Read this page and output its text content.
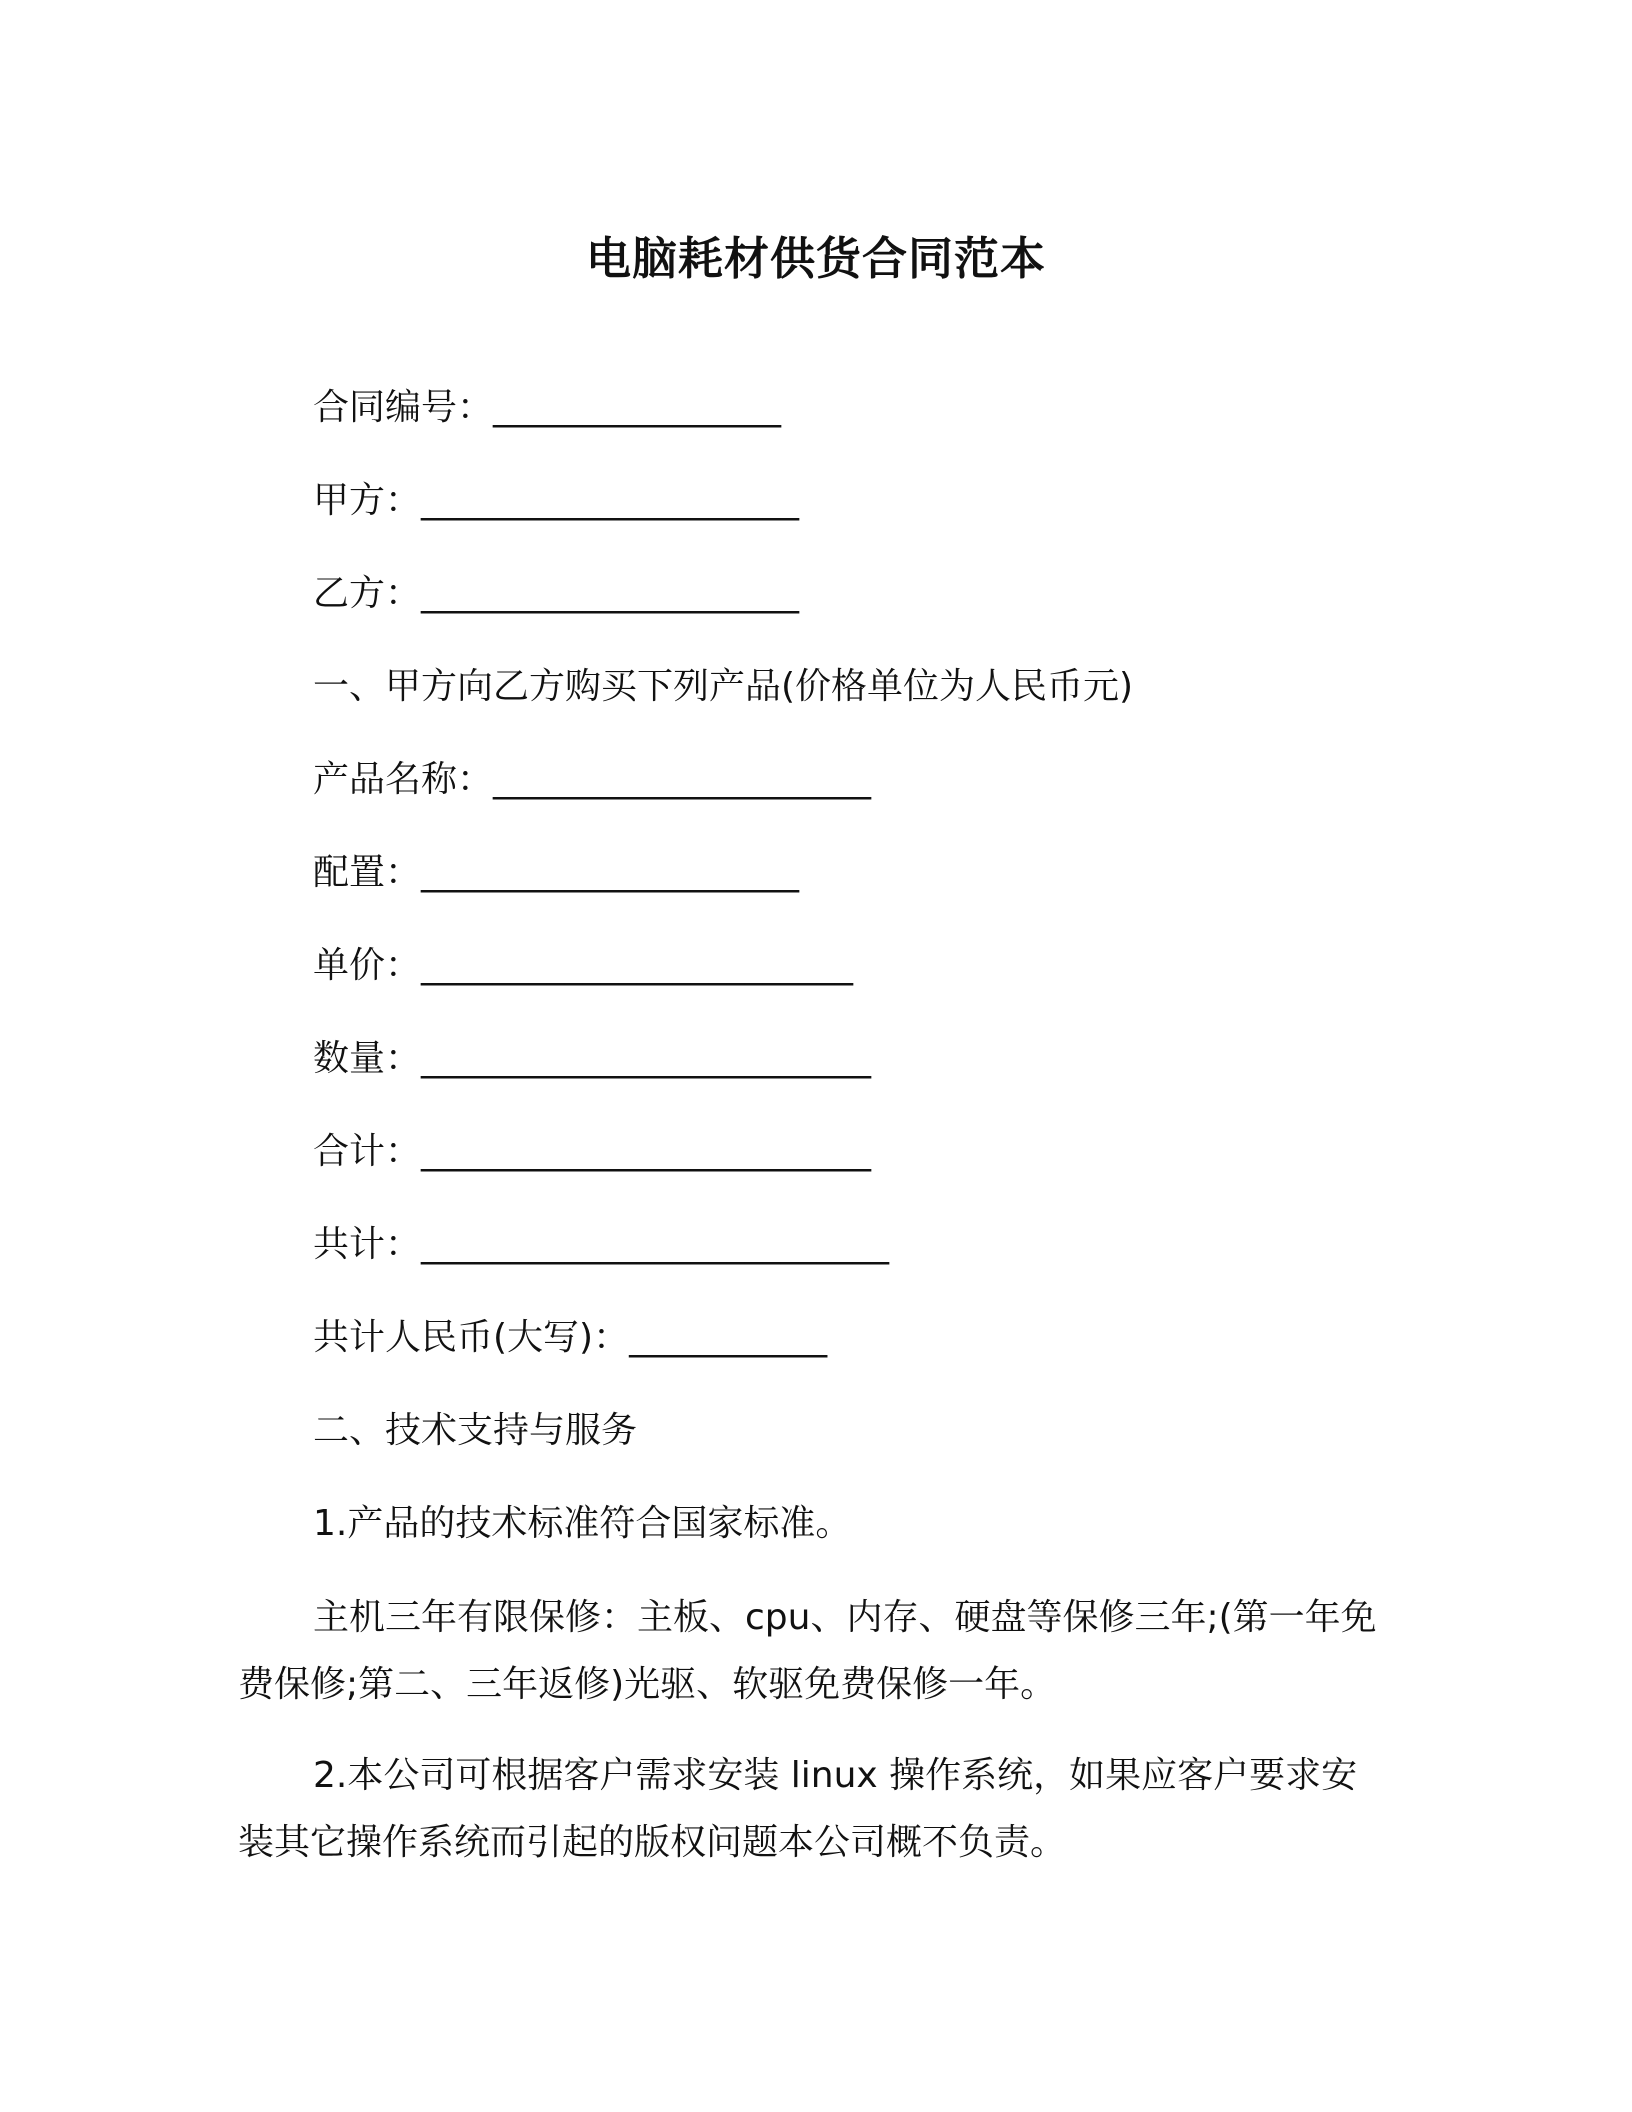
电脑耗材供货合同范本
合同编号：________________
甲方：_____________________
乙方：_____________________
一、甲方向乙方购买下列产品(价格单位为人民币元)
产品名称：_____________________
配置：_____________________
单价：________________________
数量：_________________________
合计：_________________________
共计：__________________________
共计人民币(大写)：___________
二、技术支持与服务
1.产品的技术标准符合国家标准。
主机三年有限保修：主板、cpu、内存、硬盘等保修三年;(第一年免费保修;第二、三年返修)光驱、软驱免费保修一年。
2.本公司可根据客户需求安装 linux 操作系统，如果应客户要求安装其它操作系统而引起的版权问题本公司概不负责。
